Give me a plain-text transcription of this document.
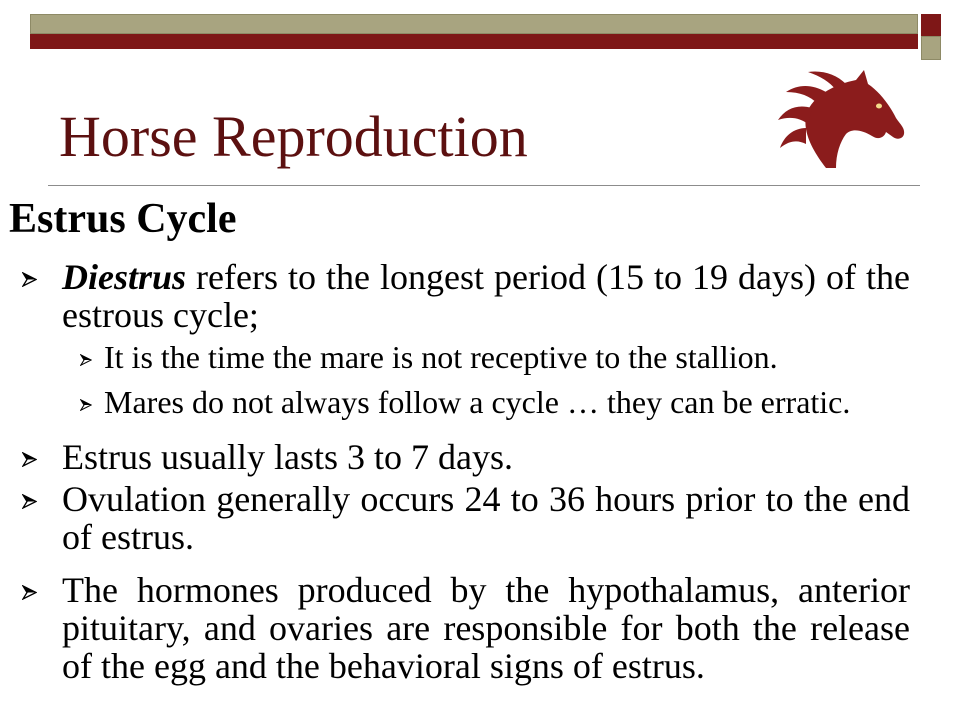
Horse Reproduction
Estrus Cycle
Diestrus refers to the longest period (15 to 19 days) of the estrous cycle;
It is the time the mare is not receptive to the stallion.
Mares do not always follow a cycle … they can be erratic.
Estrus usually lasts 3 to 7 days.
Ovulation generally occurs 24 to 36 hours prior to the end of estrus.
The hormones produced by the hypothalamus, anterior pituitary, and ovaries are responsible for both the release of the egg and the behavioral signs of estrus.
